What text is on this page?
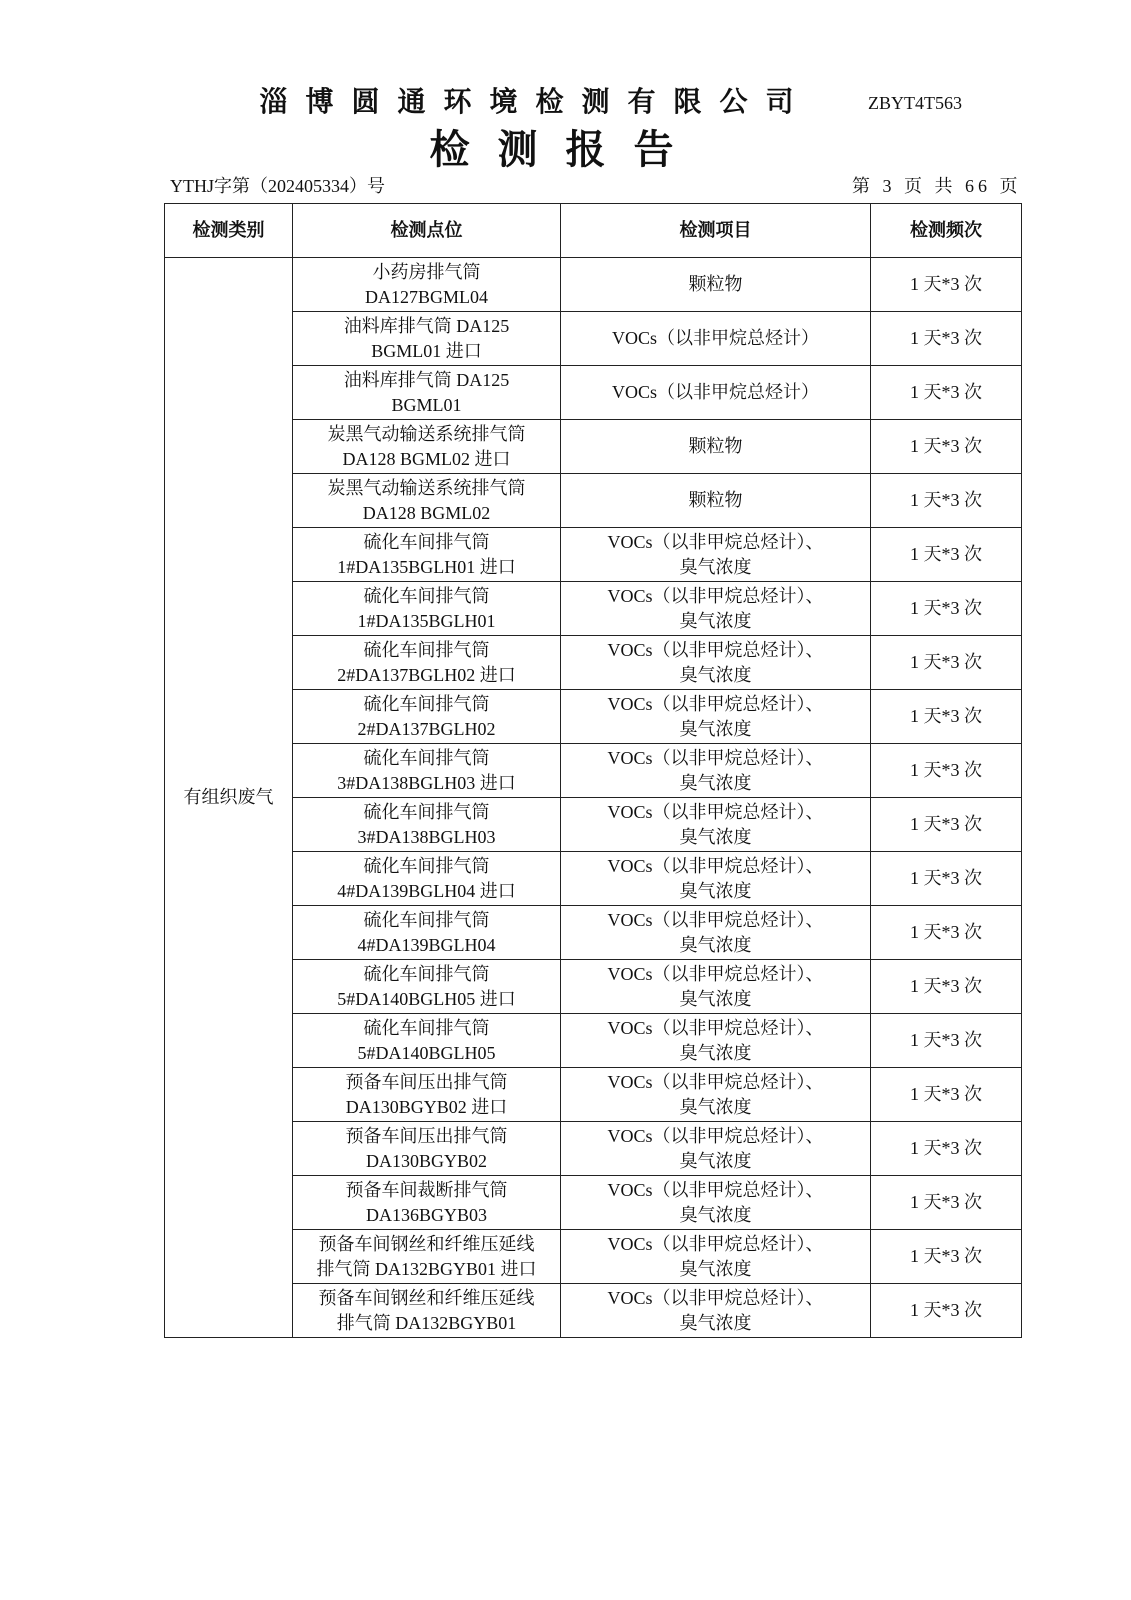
淄博圆通环境检测有限公司	ZBYT4T563
检测报告
YTHJ字第（202405334）号	第 3 页 共 66 页
检测类别	检测点位	检测项目	检测频次
有组织废气	小药房排气筒
DA127BGML04	颗粒物	1 天*3 次

	油料库排气筒 DA125
BGML01 进口	VOCs（以非甲烷总烃计）	1 天*3 次

	油料库排气筒 DA125
BGML01	VOCs（以非甲烷总烃计）	1 天*3 次

	炭黑气动输送系统排气筒
DA128 BGML02 进口	颗粒物	1 天*3 次

	炭黑气动输送系统排气筒
DA128 BGML02	颗粒物	1 天*3 次

	硫化车间排气筒
1#DA135BGLH01 进口	VOCs（以非甲烷总烃计）、
臭气浓度	1 天*3 次

	硫化车间排气筒
1#DA135BGLH01	VOCs（以非甲烷总烃计）、
臭气浓度	1 天*3 次

	硫化车间排气筒
2#DA137BGLH02 进口	VOCs（以非甲烷总烃计）、
臭气浓度	1 天*3 次

	硫化车间排气筒
2#DA137BGLH02	VOCs（以非甲烷总烃计）、
臭气浓度	1 天*3 次

	硫化车间排气筒
3#DA138BGLH03 进口	VOCs（以非甲烷总烃计）、
臭气浓度	1 天*3 次

	硫化车间排气筒
3#DA138BGLH03	VOCs（以非甲烷总烃计）、
臭气浓度	1 天*3 次

	硫化车间排气筒
4#DA139BGLH04 进口	VOCs（以非甲烷总烃计）、
臭气浓度	1 天*3 次

	硫化车间排气筒
4#DA139BGLH04	VOCs（以非甲烷总烃计）、
臭气浓度	1 天*3 次

	硫化车间排气筒
5#DA140BGLH05 进口	VOCs（以非甲烷总烃计）、
臭气浓度	1 天*3 次

	硫化车间排气筒
5#DA140BGLH05	VOCs（以非甲烷总烃计）、
臭气浓度	1 天*3 次

	预备车间压出排气筒
DA130BGYB02 进口	VOCs（以非甲烷总烃计）、
臭气浓度	1 天*3 次

	预备车间压出排气筒
DA130BGYB02	VOCs（以非甲烷总烃计）、
臭气浓度	1 天*3 次

	预备车间裁断排气筒
DA136BGYB03	VOCs（以非甲烷总烃计）、
臭气浓度	1 天*3 次

	预备车间钢丝和纤维压延线
排气筒 DA132BGYB01 进口	VOCs（以非甲烷总烃计）、
臭气浓度	1 天*3 次

	预备车间钢丝和纤维压延线
排气筒 DA132BGYB01	VOCs（以非甲烷总烃计）、
臭气浓度	1 天*3 次
